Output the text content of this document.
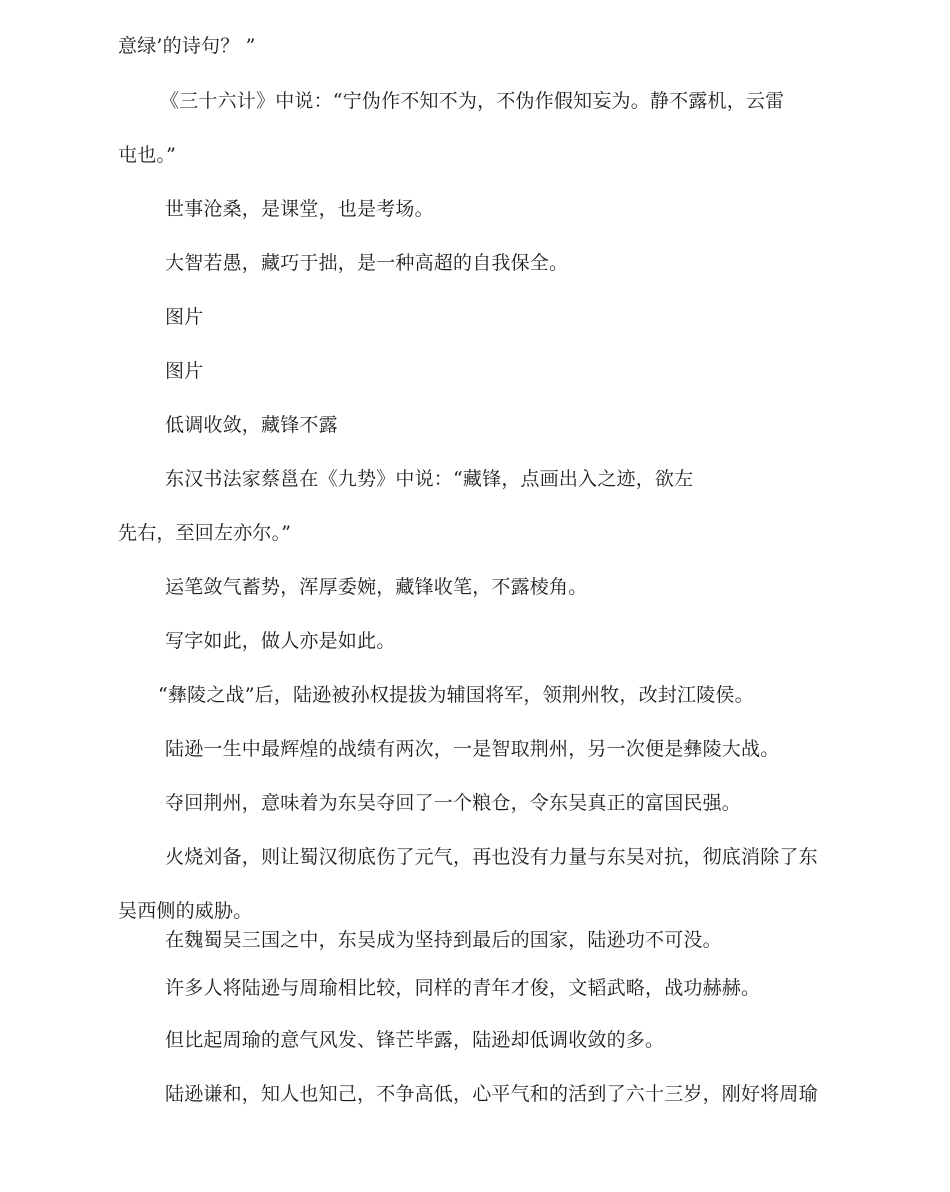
意绿’的诗句？ ”
《三十六计》中说：“宁伪作不知不为，不伪作假知妄为。静不露机，云雷
屯也。”
世事沧桑，是课堂，也是考场。
大智若愚，藏巧于拙，是一种高超的自我保全。
图片
图片
低调收敛，藏锋不露
东汉书法家蔡邕在《九势》中说：“藏锋，点画出入之迹，欲左
先右，至回左亦尔。”
运笔敛气蓄势，浑厚委婉，藏锋收笔，不露棱角。
写字如此，做人亦是如此。
“彝陵之战”后，陆逊被孙权提拔为辅国将军，领荆州牧，改封江陵侯。
陆逊一生中最辉煌的战绩有两次，一是智取荆州，另一次便是彝陵大战。
夺回荆州，意味着为东吴夺回了一个粮仓，令东吴真正的富国民强。
火烧刘备，则让蜀汉彻底伤了元气，再也没有力量与东吴对抗，彻底消除了东
吴西侧的威胁。
在魏蜀吴三国之中，东吴成为坚持到最后的国家，陆逊功不可没。
许多人将陆逊与周瑜相比较，同样的青年才俊，文韬武略，战功赫赫。
但比起周瑜的意气风发、锋芒毕露，陆逊却低调收敛的多。
陆逊谦和，知人也知己，不争高低，心平气和的活到了六十三岁，刚好将周瑜
